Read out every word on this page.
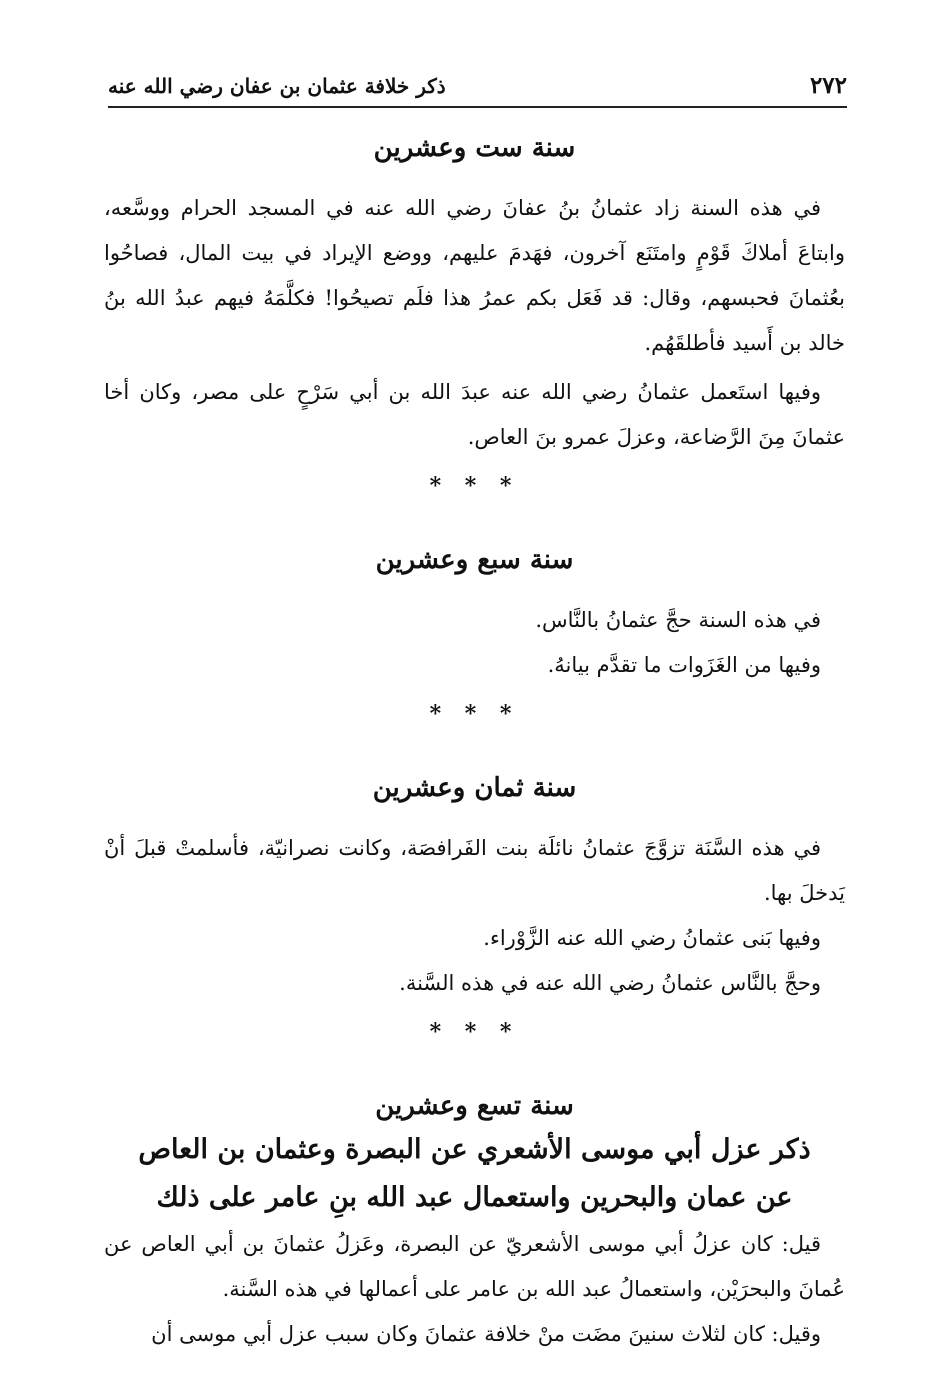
٢٧٢
ذكر خلافة عثمان بن عفان رضي الله عنه
سنة ست وعشرين

في هذه السنة زاد عثمانُ بنُ عفانَ رضي الله عنه في المسجد الحرام ووسَّعه، وابتاعَ أملاكَ قَوْمٍ وامتَنَع آخرون، فهَدمَ عليهم، ووضع الإيراد في بيت المال، فصاحُوا بعُثمانَ فحبسهم، وقال: قد فَعَل بكم عمرُ هذا فلَم تصيحُوا! فكلَّمَهُ فيهم عبدُ الله بنُ خالد بن أَسيد فأطلقَهُم.

وفيها استَعمل عثمانُ رضي الله عنه عبدَ الله بن أبي سَرْحٍ على مصر، وكان أخا عثمانَ مِنَ الرَّضاعة، وعزلَ عمرو بنَ العاص.

* * *
سنة سبع وعشرين

في هذه السنة حجَّ عثمانُ بالنَّاس.

وفيها من الغَزَوات ما تقدَّم بيانهُ.

* * *
سنة ثمان وعشرين

في هذه السَّنَة تزوَّجَ عثمانُ نائلَة بنت الفَرافصَة، وكانت نصرانيّة، فأسلمتْ قبلَ أنْ يَدخلَ بها.

وفيها بَنى عثمانُ رضي الله عنه الزَّوْراء.

وحجَّ بالنَّاس عثمانُ رضي الله عنه في هذه السَّنة.

* * *
سنة تسع وعشرين
ذكر عزل أبي موسى الأشعري عن البصرة وعثمان بن العاص
عن عمان والبحرين واستعمال عبد الله بنِ عامر على ذلك

قيل: كان عزلُ أبي موسى الأشعريّ عن البصرة، وعَزلُ عثمانَ بن أبي العاص عن عُمانَ والبحرَيْن، واستعمالُ عبد الله بن عامر على أعمالها في هذه السَّنة.

وقيل: كان لثلاث سنينَ مضَت منْ خلافة عثمانَ وكان سبب عزل أبي موسى أن
